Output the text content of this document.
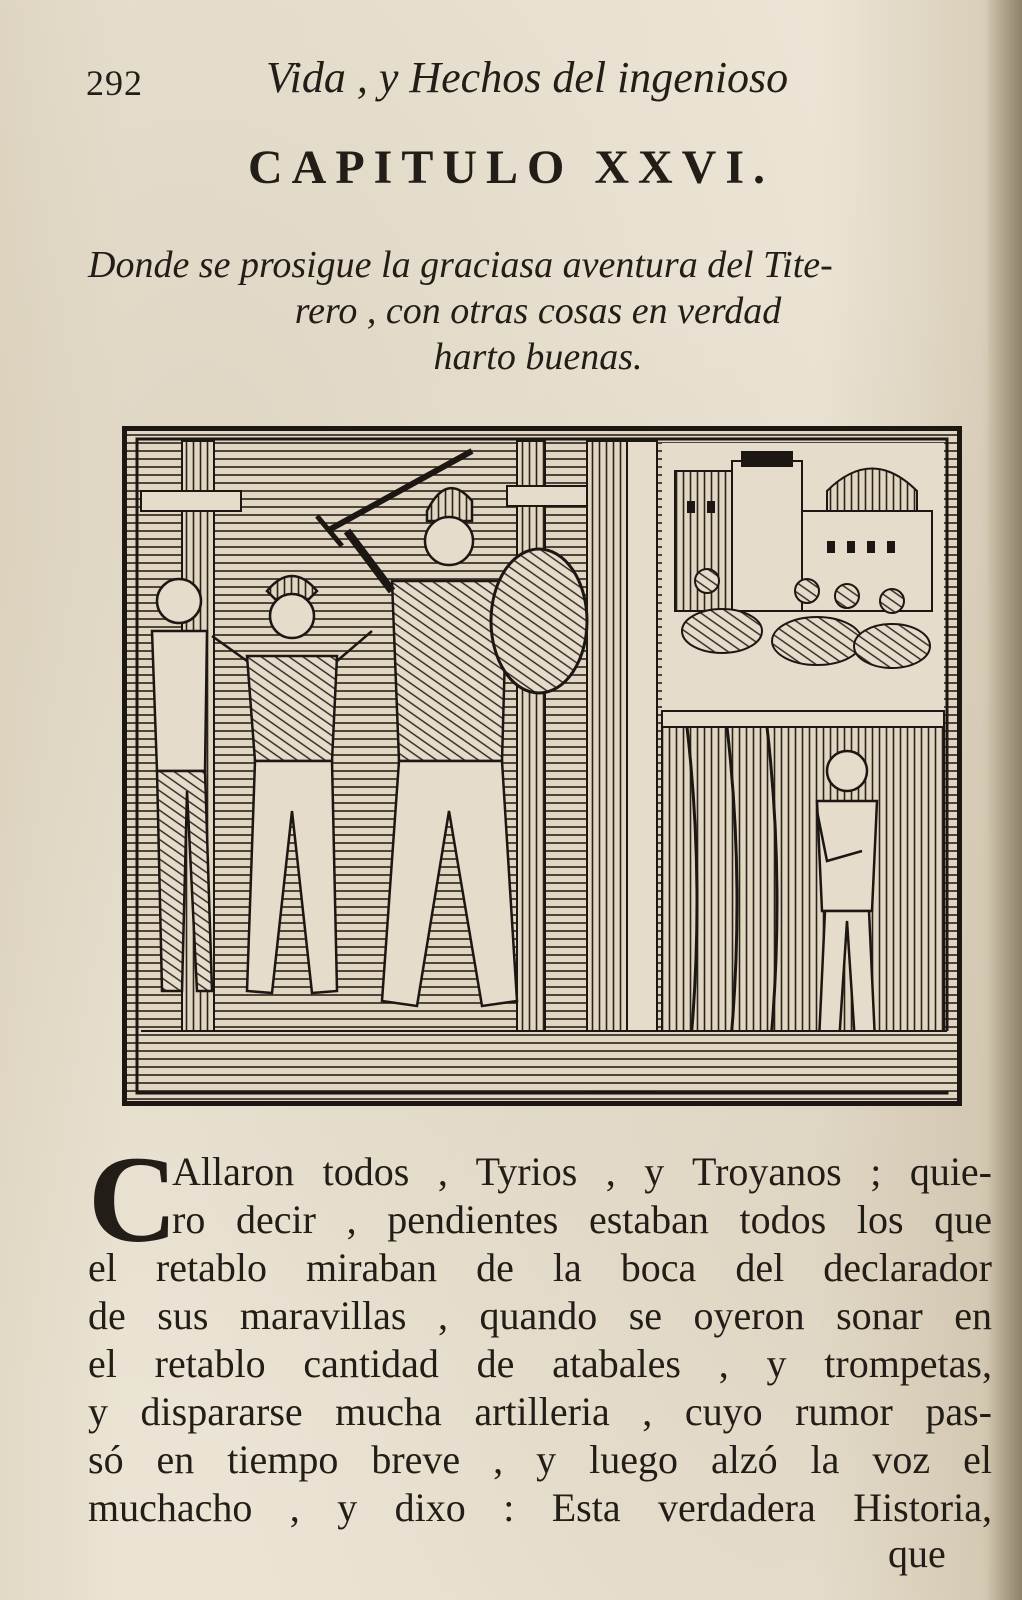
292	Vida , y Hechos del ingenioso
CAPITULO XXVI.
Donde se prosigue la graciasa aventura del Tite-
rero , con otras cosas en verdad
harto buenas.
C
Allaron todos , Tyrios , y Troyanos ; quie-
ro decir , pendientes estaban todos los que
el retablo miraban de la boca del declarador
de sus maravillas , quando se oyeron sonar en
el retablo cantidad de atabales , y trompetas,
y dispararse mucha artilleria , cuyo rumor pas-
só en tiempo breve , y luego alzó la voz el
muchacho , y dixo : Esta verdadera Historia,
que
